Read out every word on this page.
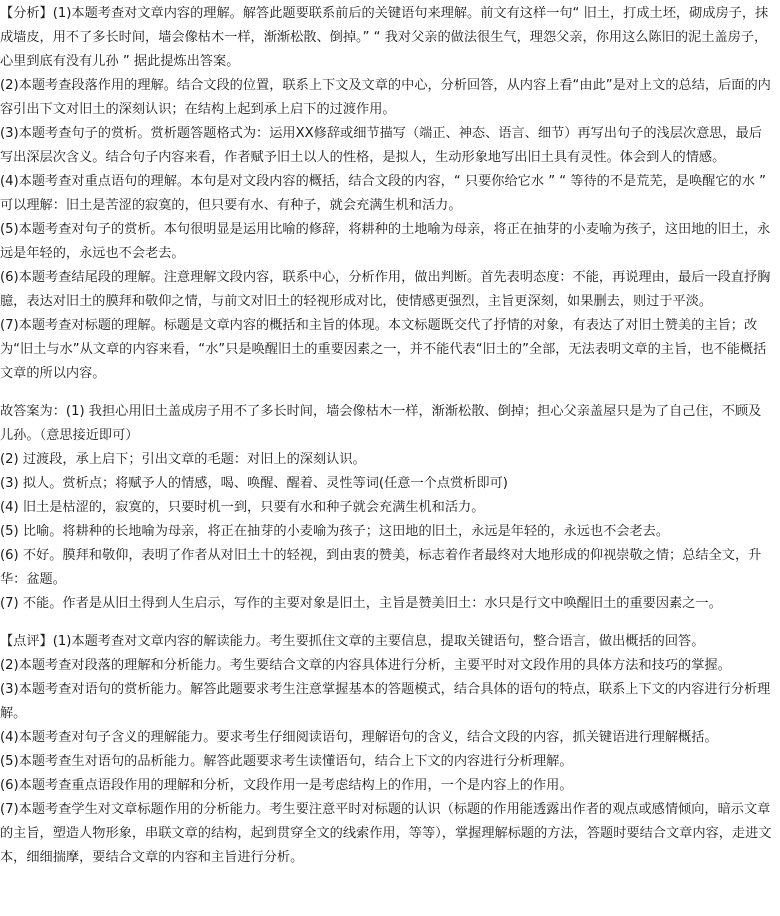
【分析】(1)本题考查对文章内容的理解。解答此题要联系前后的关键语句来理解。前文有这样一句“ 旧土，打成土坯，砌成房子，抹成墙皮，用不了多长时间，墙会像枯木一样，渐渐松散、倒掉。” “ 我对父亲的做法很生气，理怨父亲，你用这么陈旧的泥土盖房子，心里到底有没有儿孙 ” 据此提炼出答案。

(2)本题考查段落作用的理解。结合文段的位置，联系上下文及文章的中心，分析回答，从内容上看“由此”是对上文的总结，后面的内容引出下文对旧土的深刻认识；在结构上起到承上启下的过渡作用。

(3)本题考查句子的赏析。赏析题答题格式为：运用XX修辞或细节描写（端正、神态、语言、细节）再写出句子的浅层次意思，最后写出深层次含义。结合句子内容来看，作者赋予旧土以人的性格，是拟人，生动形象地写出旧土具有灵性。体会到人的情感。

(4)本题考查对重点语句的理解。本句是对文段内容的概括，结合文段的内容，“ 只要你给它水 ” “ 等待的不是荒芜，是唤醒它的水 ” 可以理解：旧土是苦涩的寂寞的，但只要有水、有种子，就会充满生机和活力。

(5)本题考查对句子的赏析。本句很明显是运用比喻的修辞，将耕种的土地喻为母亲，将正在抽芽的小麦喻为孩子，这田地的旧土，永远是年轻的，永远也不会老去。

(6)本题考查结尾段的理解。注意理解文段内容，联系中心，分析作用，做出判断。首先表明态度：不能，再说理由，最后一段直抒胸臆，表达对旧土的膜拜和敬仰之情，与前文对旧土的轻视形成对比，使情感更强烈，主旨更深刻，如果删去，则过于平淡。

(7)本题考查对标题的理解。标题是文章内容的概括和主旨的体现。本文标题既交代了抒情的对象，有表达了对旧土赞美的主旨；改为“旧土与水”从文章的内容来看，“水”只是唤醒旧土的重要因素之一，并不能代表“旧土的”全部，无法表明文章的主旨，也不能概括文章的所以内容。

故答案为：(1) 我担心用旧土盖成房子用不了多长时间，墙会像枯木一样，渐渐松散、倒掉；担心父亲盖屋只是为了自己住，不顾及儿孙。（意思接近即可）

(2) 过渡段，承上启下；引出文章的毛题：对旧上的深刻认识。

(3) 拟人。赏析点；将赋予人的情感，喝、唤醒、醒着、灵性等词(任意一个点赏析即可)

(4) 旧土是枯涩的，寂寞的，只要时机一到，只要有水和种子就会充满生机和活力。

(5) 比喻。将耕种的长地喻为母亲，将正在抽芽的小麦喻为孩子；这田地的旧土，永远是年轻的，永远也不会老去。

(6) 不好。膜拜和敬仰，表明了作者从对旧土十的轻视，到由衷的赞美，标志着作者最终对大地形成的仰视崇敬之情；总结全文，升华：盆题。

(7) 不能。作者是从旧土得到人生启示，写作的主要对象是旧土，主旨是赞美旧土：水只是行文中唤醒旧土的重要因素之一。

【点评】(1)本题考查对文章内容的解读能力。考生要抓住文章的主要信息，提取关键语句，整合语言，做出概括的回答。

(2)本题考查对段落的理解和分析能力。考生要结合文章的内容具体进行分析，主要平时对文段作用的具体方法和技巧的掌握。

(3)本题考查对语句的赏析能力。解答此题要求考生注意掌握基本的答题模式，结合具体的语句的特点，联系上下文的内容进行分析理解。

(4)本题考查对句子含义的理解能力。要求考生仔细阅读语句，理解语句的含义，结合文段的内容，抓关键语进行理解概括。

(5)本题考查生对语句的品析能力。解答此题要求考生读懂语句，结合上下文的内容进行分析理解。

(6)本题考查重点语段作用的理解和分析，文段作用一是考虑结构上的作用，一个是内容上的作用。

(7)本题考查学生对文章标题作用的分析能力。考生要注意平时对标题的认识（标题的作用能透露出作者的观点或感情倾向，暗示文章的主旨，塑造人物形象，串联文章的结构，起到贯穿全文的线索作用，等等），掌握理解标题的方法，答题时要结合文章内容，走进文本，细细揣摩，要结合文章的内容和主旨进行分析。
